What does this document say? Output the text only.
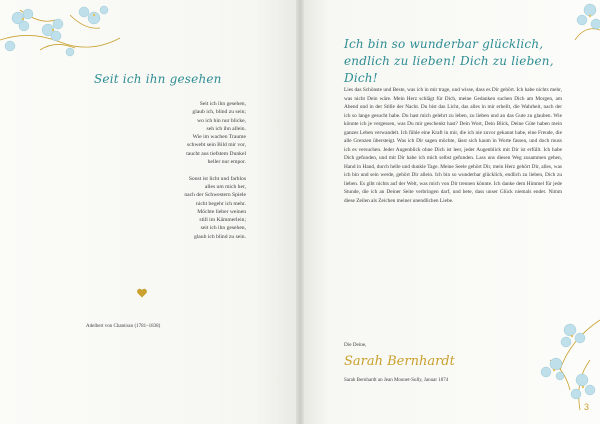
Seit ich ihn gesehen
Seit ich ihn gesehen,
glaub ich, blind zu sein;
wo ich hin nur blicke,
seh ich ihn allein.
Wie im wachen Traume
schwebt sein Bild mir vor,
taucht aus tiefstem Dunkel
heller nur empor.
Sonst ist licht und farblos
alles um mich her,
nach der Schwestern Spiele
nicht begehr ich mehr.
Möchte lieber weinen
still im Kämmerlein;
seit ich ihn gesehen,
glaub ich blind zu sein.
Adelbert von Chamisso (1781–1838)
Ich bin so wunderbar glücklich, endlich zu lieben! Dich zu lieben, Dich!

Lies das Schönste und Beste, was ich in mir trage, und wisse, dass es Dir gehört. Ich habe nichts mehr, was nicht Dein wäre. Mein Herz schlägt für Dich, meine Gedanken suchen Dich am Morgen, am Abend und in der Stille der Nacht. Du bist das Licht, das alles in mir erhellt, die Wahrheit, nach der ich so lange gesucht habe. Du hast mich gelehrt zu leben, zu lieben und an das Gute zu glauben. Wie könnte ich je vergessen, was Du mir geschenkt hast? Dein Wort, Dein Blick, Deine Güte haben mein ganzes Leben verwandelt. Ich fühle eine Kraft in mir, die ich nie zuvor gekannt habe, eine Freude, die alle Grenzen übersteigt. Was ich Dir sagen möchte, lässt sich kaum in Worte fassen, und doch muss ich es versuchen. Jeder Augenblick ohne Dich ist leer, jeder Augenblick mit Dir ist erfüllt. Ich habe Dich gefunden, und mit Dir habe ich mich selbst gefunden. Lass uns diesen Weg zusammen gehen, Hand in Hand, durch helle und dunkle Tage. Meine Seele gehört Dir, mein Herz gehört Dir, alles, was ich bin und sein werde, gehört Dir allein. Ich bin so wunderbar glücklich, endlich zu lieben, Dich zu lieben. Es gibt nichts auf der Welt, was mich von Dir trennen könnte. Ich danke dem Himmel für jede Stunde, die ich an Deiner Seite verbringen darf, und bete, dass unser Glück niemals endet. Nimm diese Zeilen als Zeichen meiner unendlichen Liebe.

Die Deine,
Sarah Bernhardt
Sarah Bernhardt an Jean Mounet-Sully, Januar 1874
3
